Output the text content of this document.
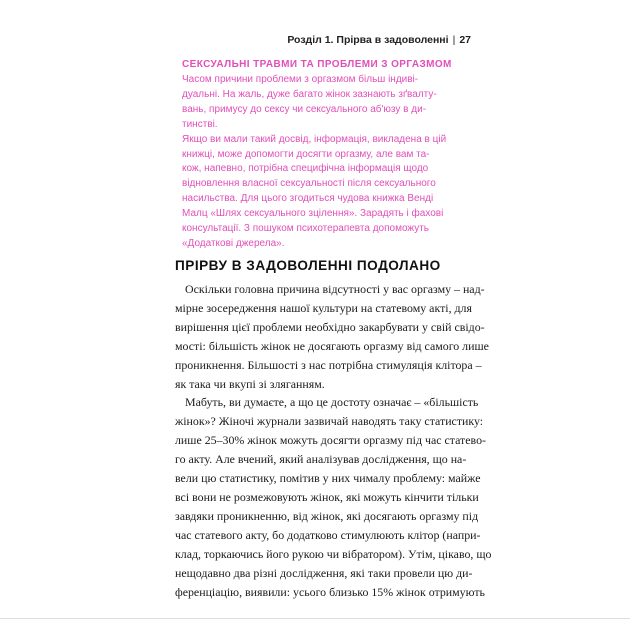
Розділ 1. Прірва в задоволенні | 27
СЕКСУАЛЬНІ ТРАВМИ ТА ПРОБЛЕМИ З ОРГАЗМОМ

Часом причини проблеми з оргазмом більш індиві-
дуальні. На жаль, дуже багато жінок зазнають зґвалту-
вань, примусу до сексу чи сексуального аб'юзу в ди-
тинстві.
Якщо ви мали такий досвід, інформація, викладена в цій
книжці, може допомогти досягти оргазму, але вам та-
кож, напевно, потрібна специфічна інформація щодо
відновлення власної сексуальності після сексуального
насильства. Для цього згодиться чудова книжка Венді
Малц «Шлях сексуального зцілення». Зарадять і фахові
консультації. З пошуком психотерапевта допоможуть
«Додаткові джерела».

ПРІРВУ В ЗАДОВОЛЕННІ ПОДОЛАНО
Оскільки головна причина відсутності у вас оргазму – над-
мірне зосередження нашої культури на статевому акті, для
вирішення цієї проблеми необхідно закарбувати у свій свідо-
мості: більшість жінок не досягають оргазму від самого лише
проникнення. Більшості з нас потрібна стимуляція клітора –
як така чи вкупі зі зляганням.
Мабуть, ви думаєте, а що це достоту означає – «більшість
жінок»? Жіночі журнали зазвичай наводять таку статистику:
лише 25–30% жінок можуть досягти оргазму під час статево-
го акту. Але вчений, який аналізував дослідження, що на-
вели цю статистику, помітив у них чималу проблему: майже
всі вони не розмежовують жінок, які можуть кінчити тільки
завдяки проникненню, від жінок, які досягають оргазму під
час статевого акту, бо додатково стимулюють клітор (напри-
клад, торкаючись його рукою чи вібратором). Утім, цікаво, що
нещодавно два різні дослідження, які таки провели цю ди-
ференціацію, виявили: усього близько 15% жінок отримують
